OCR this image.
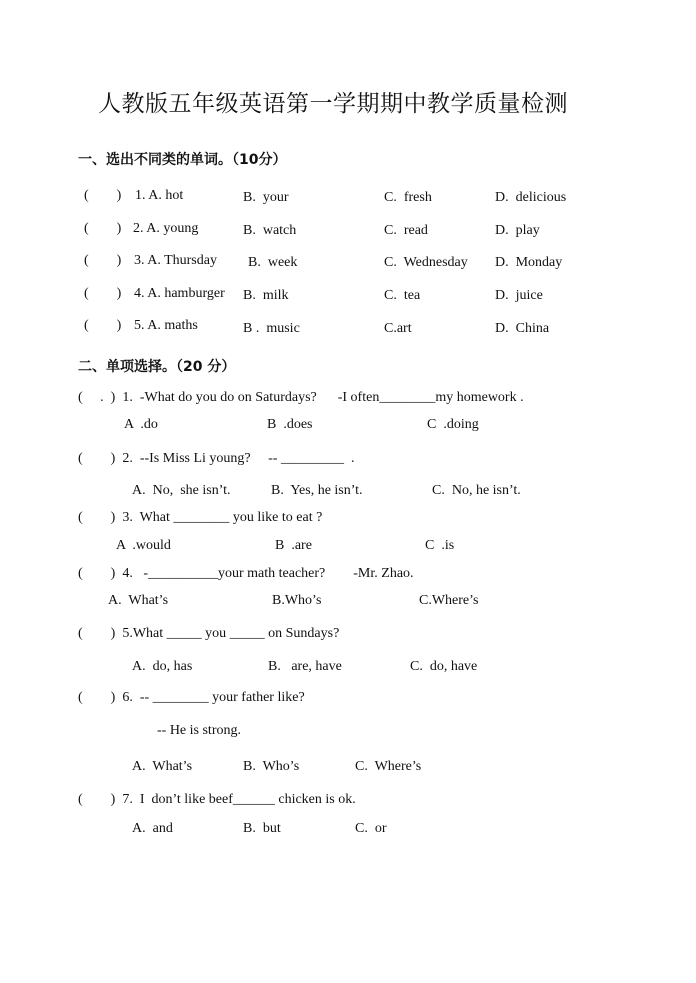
人教版五年级英语第一学期期中教学质量检测
一、选出不同类的单词。（10分）
(        ) 1. A. hot	B.  your	C.  fresh	D.  delicious
(        ) 2. A. young	B.  watch	C.  read	D.  play
(        ) 3. A. Thursday B.  week	C.  Wednesday D.  Monday
(        ) 4. A. hamburger B.  milk	C.  tea	D.  juice
(        ) 5. A. maths	B .  music	C.art	D.  China
二、单项选择。（20 分）
(     .  )  1.  -What do you do on Saturdays?      -I often________my homework .
A  .do	B  .does	C  .doing
(        )  2.  --Is Miss Li young?     -- _________  .
A.  No,  she isn’t.	B.  Yes, he isn’t.	C.  No, he isn’t.
(        )  3.  What ________ you like to eat ?
A  .would	B  .are	C  .is
(        )  4.   -__________your math teacher?        -Mr. Zhao.
A.  What’s	B.Who’s	C.Where’s
(        )  5.What _____ you _____ on Sundays?
A.  do, has	B.   are, have	C.  do, have
(        )  6.  -- ________ your father like?
-- He is strong.
A.  What’s	B.  Who’s	C.  Where’s
(        )  7.  I  don’t like beef______ chicken is ok.
A.  and	B.  but	C.  or
